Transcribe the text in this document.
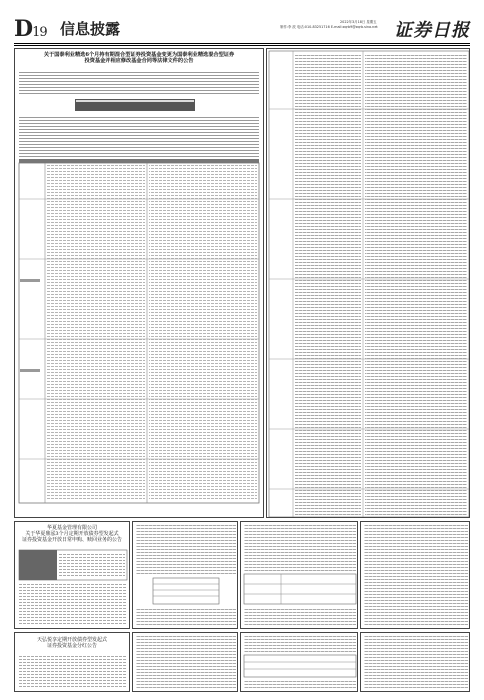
D19 信息披露	2022年3月18日 星期五
制作:李 波 电话:010-83251716 E-mail:zqrb9@zqrb.sina.net 证券日报
关于国泰利业精选6个月持有期混合型证券投资基金变更为国泰利业精选混合型证券
投资基金并相应修改基金合同等法律文件的公告
华夏基金管理有限公司
关于华夏鼎泓3个月定期开放债券型发起式
证券投资基金开放日常申购、赎回业务的公告
天弘悦享定期开放债券型发起式
证券投资基金分红公告
